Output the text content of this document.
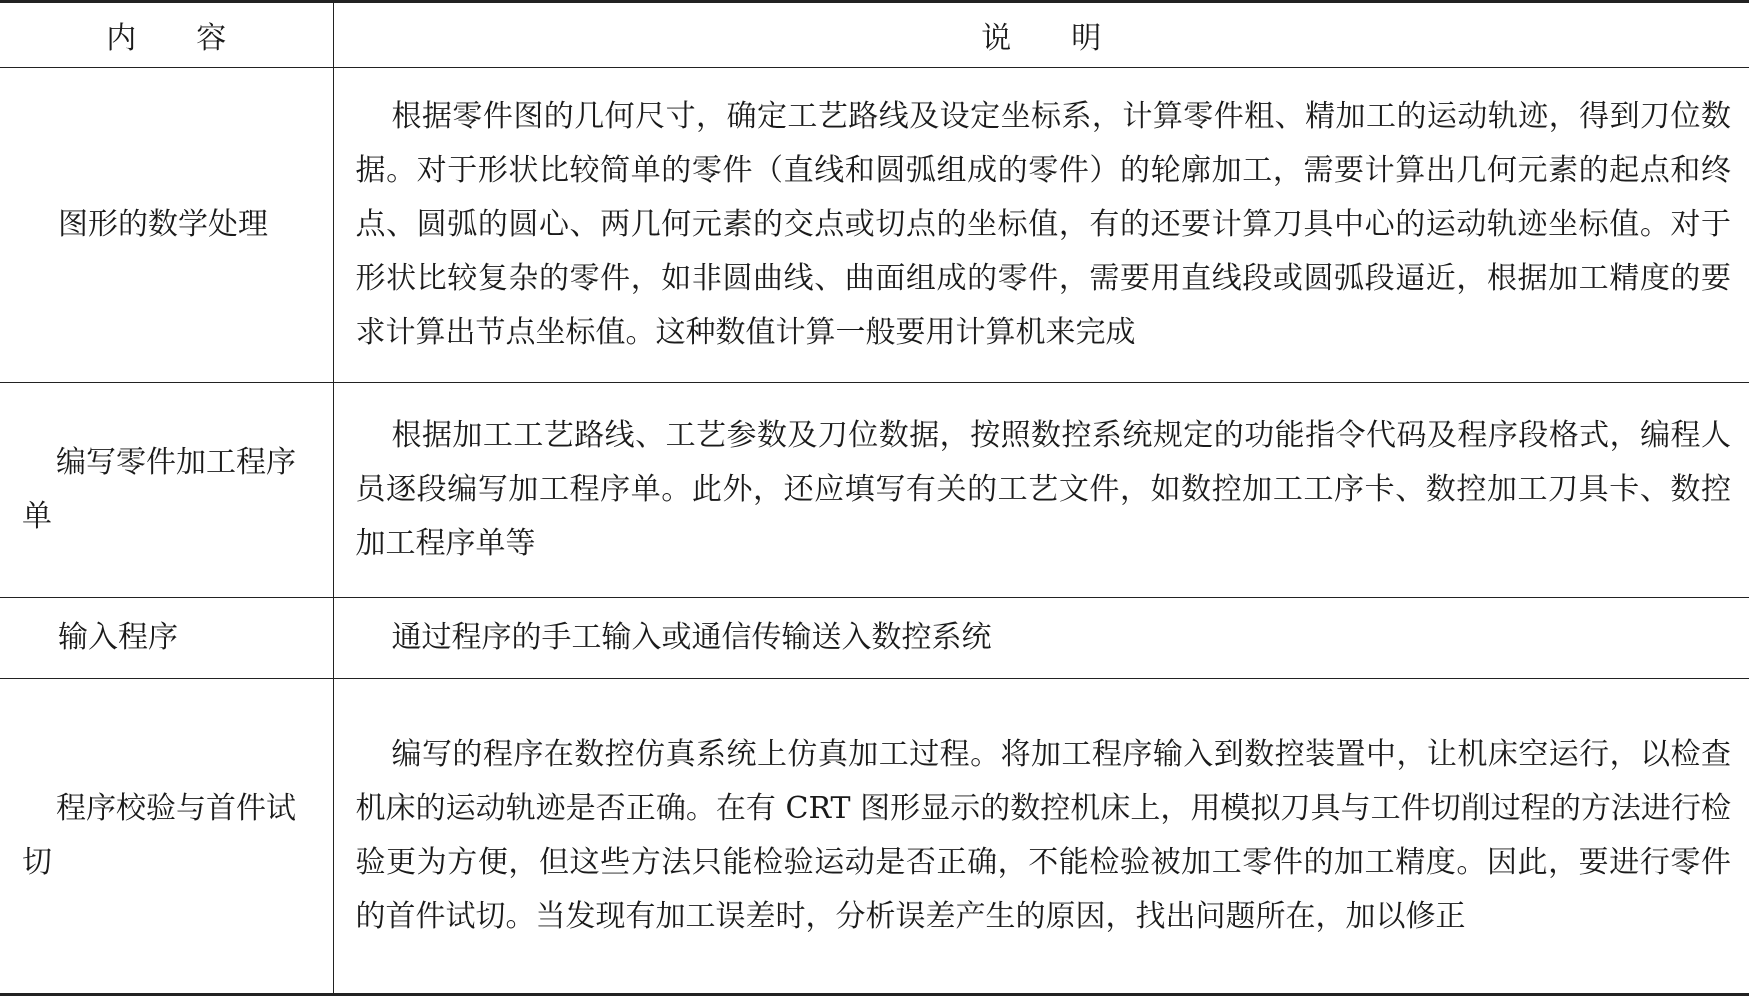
内 容	说 明

图形的数学处理	根据零件图的几何尺寸，确定工艺路线及设定坐标系，计算零件粗、精加工的运动轨迹，得到刀位数据。对于形状比较简单的零件（直线和圆弧组成的零件）的轮廓加工，需要计算出几何元素的起点和终点、圆弧的圆心、两几何元素的交点或切点的坐标值，有的还要计算刀具中心的运动轨迹坐标值。对于形状比较复杂的零件，如非圆曲线、曲面组成的零件，需要用直线段或圆弧段逼近，根据加工精度的要求计算出节点坐标值。这种数值计算一般要用计算机来完成
编写零件加工程序单	根据加工工艺路线、工艺参数及刀位数据，按照数控系统规定的功能指令代码及程序段格式，编程人员逐段编写加工程序单。此外，还应填写有关的工艺文件，如数控加工工序卡、数控加工刀具卡、数控加工程序单等
输入程序	通过程序的手工输入或通信传输送入数控系统
程序校验与首件试切	编写的程序在数控仿真系统上仿真加工过程。将加工程序输入到数控装置中，让机床空运行，以检查机床的运动轨迹是否正确。在有 CRT 图形显示的数控机床上，用模拟刀具与工件切削过程的方法进行检验更为方便，但这些方法只能检验运动是否正确，不能检验被加工零件的加工精度。因此，要进行零件的首件试切。当发现有加工误差时，分析误差产生的原因，找出问题所在，加以修正
